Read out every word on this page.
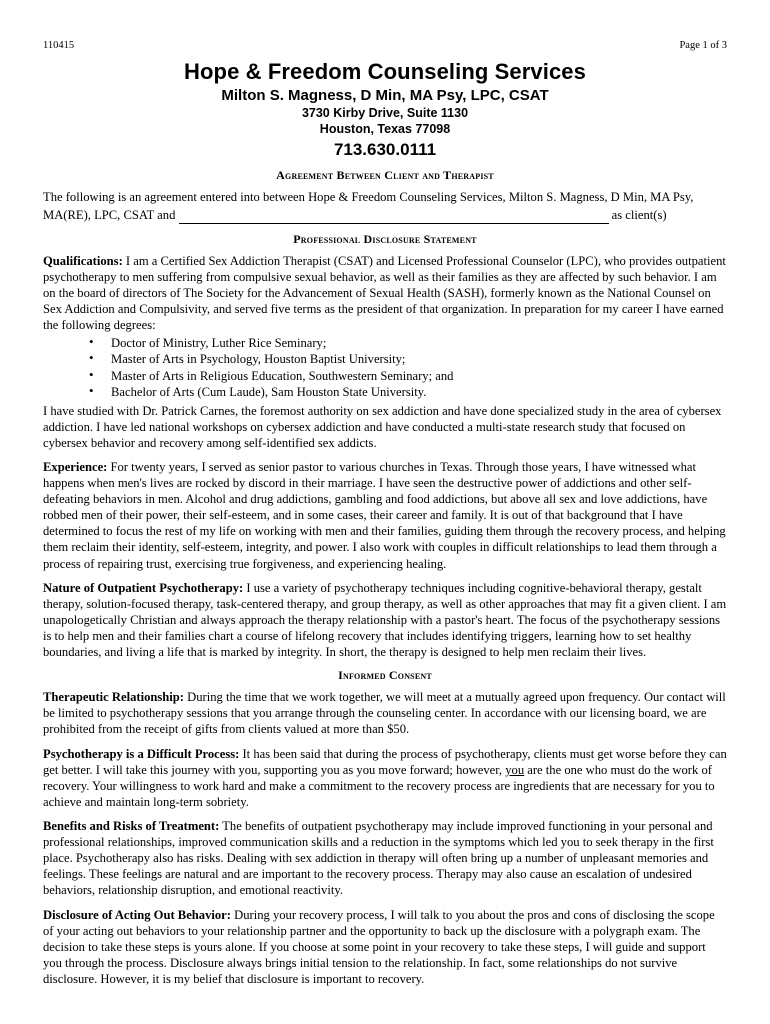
110415	Page 1 of 3
Hope & Freedom Counseling Services
Milton S. Magness, D Min, MA Psy, LPC, CSAT
3730 Kirby Drive, Suite 1130
Houston, Texas 77098
713.630.0111
Agreement Between Client and Therapist

The following is an agreement entered into between Hope & Freedom Counseling Services, Milton S. Magness, D Min, MA Psy,

MA(RE), LPC, CSAT and	as client(s)

Professional Disclosure Statement

Qualifications: I am a Certified Sex Addiction Therapist (CSAT) and Licensed Professional Counselor (LPC), who provides outpatient psychotherapy to men suffering from compulsive sexual behavior, as well as their families as they are affected by such behavior. I am on the board of directors of The Society for the Advancement of Sexual Health (SASH), formerly known as the National Counsel on Sex Addiction and Compulsivity, and served five terms as the president of that organization. In preparation for my career I have earned the following degrees:

• Doctor of Ministry, Luther Rice Seminary;
• Master of Arts in Psychology, Houston Baptist University;
• Master of Arts in Religious Education, Southwestern Seminary; and
• Bachelor of Arts (Cum Laude), Sam Houston State University.

I have studied with Dr. Patrick Carnes, the foremost authority on sex addiction and have done specialized study in the area of cybersex addiction. I have led national workshops on cybersex addiction and have conducted a multi-state research study that focused on cybersex behavior and recovery among self-identified sex addicts.

Experience: For twenty years, I served as senior pastor to various churches in Texas. Through those years, I have witnessed what happens when men's lives are rocked by discord in their marriage. I have seen the destructive power of addictions and other self-defeating behaviors in men. Alcohol and drug addictions, gambling and food addictions, but above all sex and love addictions, have robbed men of their power, their self-esteem, and in some cases, their career and family. It is out of that background that I have determined to focus the rest of my life on working with men and their families, guiding them through the recovery process, and helping them reclaim their identity, self-esteem, integrity, and power. I also work with couples in difficult relationships to lead them through a process of repairing trust, exercising true forgiveness, and experiencing healing.

Nature of Outpatient Psychotherapy: I use a variety of psychotherapy techniques including cognitive-behavioral therapy, gestalt therapy, solution-focused therapy, task-centered therapy, and group therapy, as well as other approaches that may fit a given client. I am unapologetically Christian and always approach the therapy relationship with a pastor's heart. The focus of the psychotherapy sessions is to help men and their families chart a course of lifelong recovery that includes identifying triggers, learning how to set healthy boundaries, and living a life that is marked by integrity. In short, the therapy is designed to help men reclaim their lives.

Informed Consent

Therapeutic Relationship: During the time that we work together, we will meet at a mutually agreed upon frequency. Our contact will be limited to psychotherapy sessions that you arrange through the counseling center. In accordance with our licensing board, we are prohibited from the receipt of gifts from clients valued at more than $50.

Psychotherapy is a Difficult Process: It has been said that during the process of psychotherapy, clients must get worse before they can get better. I will take this journey with you, supporting you as you move forward; however, you are the one who must do the work of recovery. Your willingness to work hard and make a commitment to the recovery process are ingredients that are necessary for you to achieve and maintain long-term sobriety.

Benefits and Risks of Treatment: The benefits of outpatient psychotherapy may include improved functioning in your personal and professional relationships, improved communication skills and a reduction in the symptoms which led you to seek therapy in the first place. Psychotherapy also has risks. Dealing with sex addiction in therapy will often bring up a number of unpleasant memories and feelings. These feelings are natural and are important to the recovery process. Therapy may also cause an escalation of undesired behaviors, relationship disruption, and emotional reactivity.

Disclosure of Acting Out Behavior: During your recovery process, I will talk to you about the pros and cons of disclosing the scope of your acting out behaviors to your relationship partner and the opportunity to back up the disclosure with a polygraph exam. The decision to take these steps is yours alone. If you choose at some point in your recovery to take these steps, I will guide and support you through the process. Disclosure always brings initial tension to the relationship. In fact, some relationships do not survive disclosure. However, it is my belief that disclosure is important to recovery.
